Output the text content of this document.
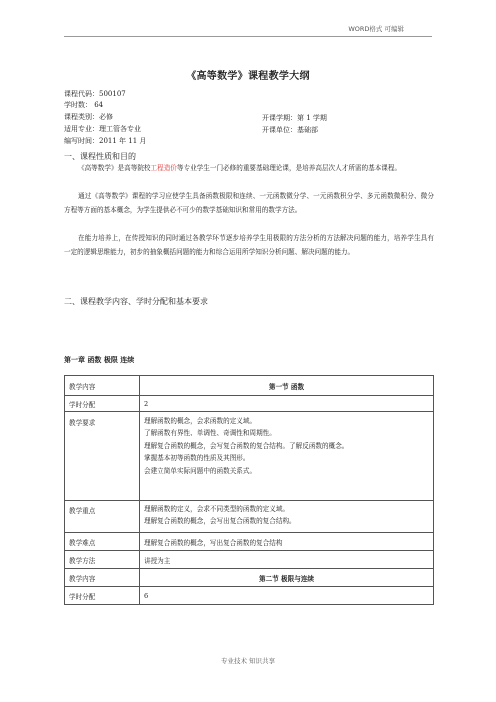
WORD格式 可编辑
《高等数学》课程教学大纲
课程代码：500107
学时数： 64
课程类别：必修	开课学期：第 1 学期
适用专业：理工管各专业	开课单位：基础部
编写时间：2011 年 11 月
一、课程性质和目的
《高等数学》是高等院校工程造价等专业学生一门必修的重要基础理论课，是培养高层次人才所需的基本课程。
通过《高等数学》课程的学习应使学生具备函数极限和连续、一元函数微分学、一元函数积分学、多元函数微积分、微分方程等方面的基本概念，为学生提供必不可少的数学基础知识和常用的数学方法。
在能力培养上，在传授知识的同时通过各教学环节逐步培养学生用极限的方法分析的方法解决问题的能力，培养学生具有一定的逻辑思维能力，初步的抽象概括问题的能力和综合运用所学知识分析问题、解决问题的能力。
二、课程教学内容、学时分配和基本要求
第一章 函数 极限 连续
教学内容	第一节 函数
学时分配	2
教学要求	理解函数的概念，会求函数的定义域。
了解函数有界性、单调性、奇调性和周期性。
理解复合函数的概念，会写复合函数的复合结构。了解反函数的概念。
掌握基本初等函数的性质及其图形。
会建立简单实际问题中的函数关系式。

教学重点	理解函数的定义，会求不同类型的函数的定义域。
理解复合函数的概念，会写出复合函数的复合结构。

教学难点	理解复合函数的概念，写出复合函数的复合结构
教学方法	讲授为主
教学内容	第二节 极限与连续
学时分配	6
专业技术 知识共享
